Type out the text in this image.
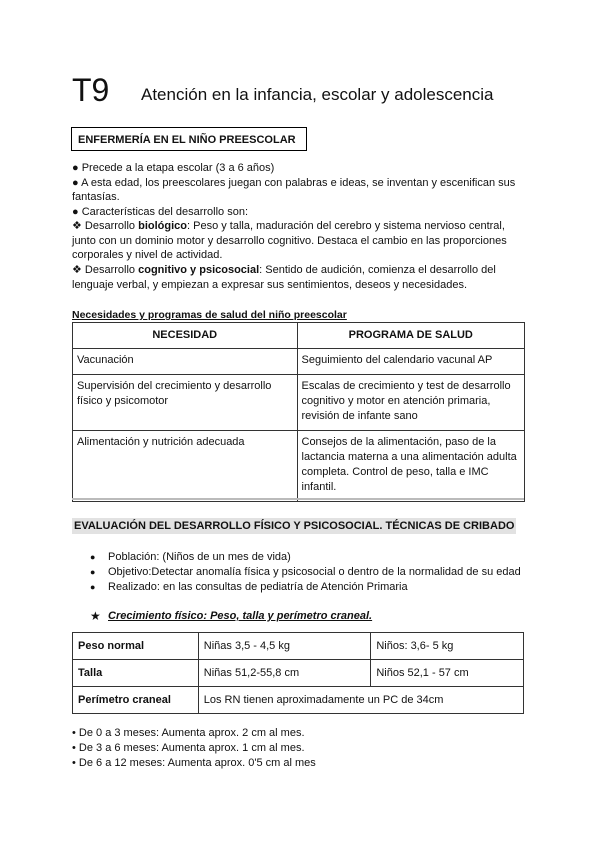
T9 Atención en la infancia, escolar y adolescencia
ENFERMERÍA EN EL NIÑO PREESCOLAR
● Precede a la etapa escolar (3 a 6 años)
● A esta edad, los preescolares juegan con palabras e ideas, se inventan y escenifican sus
fantasías.
● Características del desarrollo son:
❖ Desarrollo biológico: Peso y talla, maduración del cerebro y sistema nervioso central,
junto con un dominio motor y desarrollo cognitivo. Destaca el cambio en las proporciones
corporales y nivel de actividad.
❖ Desarrollo cognitivo y psicosocial: Sentido de audición, comienza el desarrollo del
lenguaje verbal, y empiezan a expresar sus sentimientos, deseos y necesidades.
Necesidades y programas de salud del niño preescolar
NECESIDAD	PROGRAMA DE SALUD
Vacunación	Seguimiento del calendario vacunal AP
Supervisión del crecimiento y desarrollo físico y psicomotor	Escalas de crecimiento y test de desarrollo cognitivo y motor en atención primaria, revisión de infante sano
Alimentación y nutrición adecuada	Consejos de la alimentación, paso de la lactancia materna a una alimentación adulta completa. Control de peso, talla e IMC infantil.
EVALUACIÓN DEL DESARROLLO FÍSICO Y PSICOSOCIAL. TÉCNICAS DE CRIBADO
● Población: (Niños de un mes de vida)
● Objetivo:Detectar anomalía física y psicosocial o dentro de la normalidad de su edad
● Realizado: en las consultas de pediatría de Atención Primaria
★ Crecimiento físico: Peso, talla y perímetro craneal.
Peso normal	Niñas 3,5 - 4,5 kg	Niños: 3,6- 5 kg
Talla	Niñas 51,2-55,8 cm	Niños 52,1 - 57 cm
Perímetro craneal	Los RN tienen aproximadamente un PC de 34cm	
• De 0 a 3 meses: Aumenta aprox. 2 cm al mes.
• De 3 a 6 meses: Aumenta aprox. 1 cm al mes.
• De 6 a 12 meses: Aumenta aprox. 0'5 cm al mes
